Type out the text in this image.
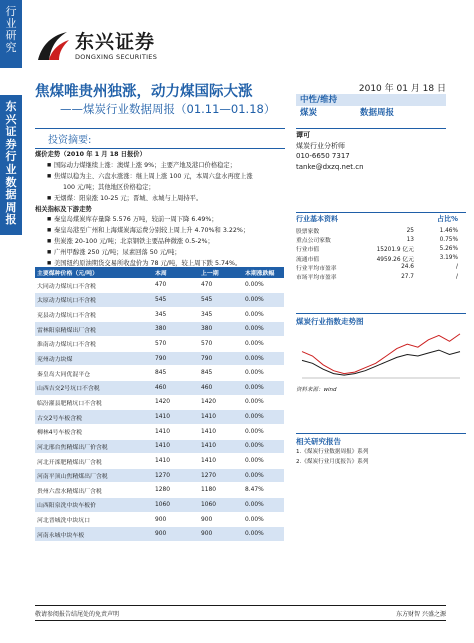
行业研究
东兴证券行业数据周报
东兴证券
DONGXING SECURITIES
焦煤唯贵州独涨，动力煤国际大涨
——煤炭行业数据周报（01.11—01.18）
2010 年 01 月 18 日
中性/维持
煤炭	数据周报
投资摘要:
煤价走势（2010 年 1 月 18 日报价）
■ 国际动力煤继续上涨：澳煤上涨 9%；主要产地及港口价格稳定；
■ 焦煤以稳为主、六盘水涨涨：继上周上涨 100 元，本周六盘水再度上涨
100 元/吨；其他地区价格稳定；
■ 无烟煤：阳泉涨 10-25 元；晋城、永城与上周持平。
相关指标及下游走势
■ 秦皇岛煤炭库存量降 5.576 万吨，较前一周下降 6.49%；
■ 秦皇岛港至广州和上海煤炭海运费分别较上周上升 4.70%和 3.22%；
■ 焦炭涨 20-100 元/吨；北京钢铁主要品种微涨 0.5-2%；
■ 广州甲醇涨 250 元/吨；尿素回落 50 元/吨；
■ 美国纽约原油期货交易所收盘价为 78 元/吨，较上周下跌 5.74%。
主要煤种价格（元/吨）	本周	上一期	本期涨跌幅
大同动力煤坑口不含税	470	470	0.00%
太原动力煤坑口不含税	545	545	0.00%
兖县动力煤坑口不含税	345	345	0.00%
雷林阳泉精煤出厂含税	380	380	0.00%
淮南动力煤坑口不含税	570	570	0.00%
兖州动力块煤	790	790	0.00%
秦皇岛大同优混平仓	845	845	0.00%
山西吉交2号坑口不含税	460	460	0.00%
临汾灌县肥精坑口不含税	1420	1420	0.00%
古交2号车板含税	1410	1410	0.00%
柳林4号车板含税	1410	1410	0.00%
河北邢台焦精煤出厂价含税	1410	1410	0.00%
河北开滦肥精煤出厂含税	1410	1410	0.00%
河南平顶山焦精煤出厂含税	1270	1270	0.00%
贵州六盘水精煤出厂含税	1280	1180	8.47%
山西阳泉洗中块车板价	1060	1060	0.00%
河北晋城洗中块坑口	900	900	0.00%
河南永城中块车板	900	900	0.00%
谭可
煤炭行业分析师
010-6650 7317
tanke@dxzq.net.cn
行业基本资料	占比%
股票家数	25	1.46%
重点公司家数	13	0.75%
行业市值	15201.9 亿元	5.26%
流通市值	4959.26 亿元	3.19%
行业平均市盈率	24.6	/
市场平均市盈率	27.7	/
煤炭行业指数走势图
资料来源：wind
相关研究报告
1.《煤炭行业数据周报》系列
2.《煤炭行业月度报告》系列
敬请参阅报告结尾处的免责声明	东方财智 兴盛之源
